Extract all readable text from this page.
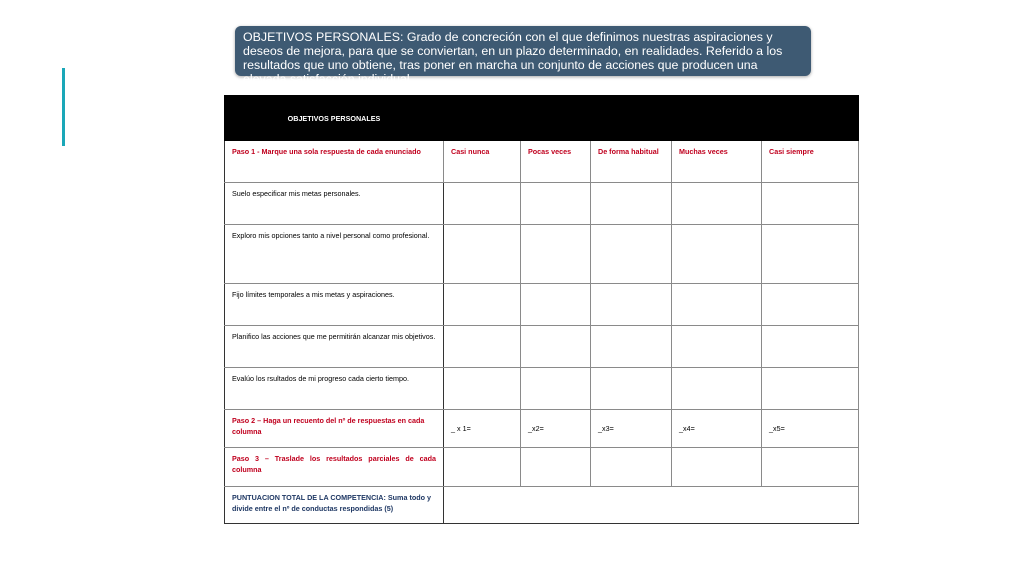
OBJETIVOS PERSONALES: Grado de concreción con el que definimos nuestras aspiraciones y deseos de mejora, para que se conviertan, en un plazo determinado, en realidades. Referido a los resultados que uno obtiene, tras poner en marcha un conjunto de acciones que producen una elevada satisfacción individual.
OBJETIVOS PERSONALES					

Paso 1 - Marque una sola respuesta de cada enunciado	Casi nunca	Pocas veces	De forma habitual	Muchas veces	Casi siempre

Suelo especificar mis metas personales.					

Exploro mis opciones tanto a nivel personal como profesional.					

Fijo límites temporales a mis metas y aspiraciones.					

Planifico las acciones que me permitirán alcanzar mis objetivos.					

Evalúo los rsultados de mi progreso cada cierto tiempo.					

Paso 2 – Haga un recuento del nº de respuestas en cada columna	_ x 1=	_x2=	_x3=	_x4=	_x5=

Paso 3 – Traslade los resultados parciales de cada columna					

PUNTUACION TOTAL DE LA COMPETENCIA: Suma todo y divide entre el nº de conductas respondidas (5)					
